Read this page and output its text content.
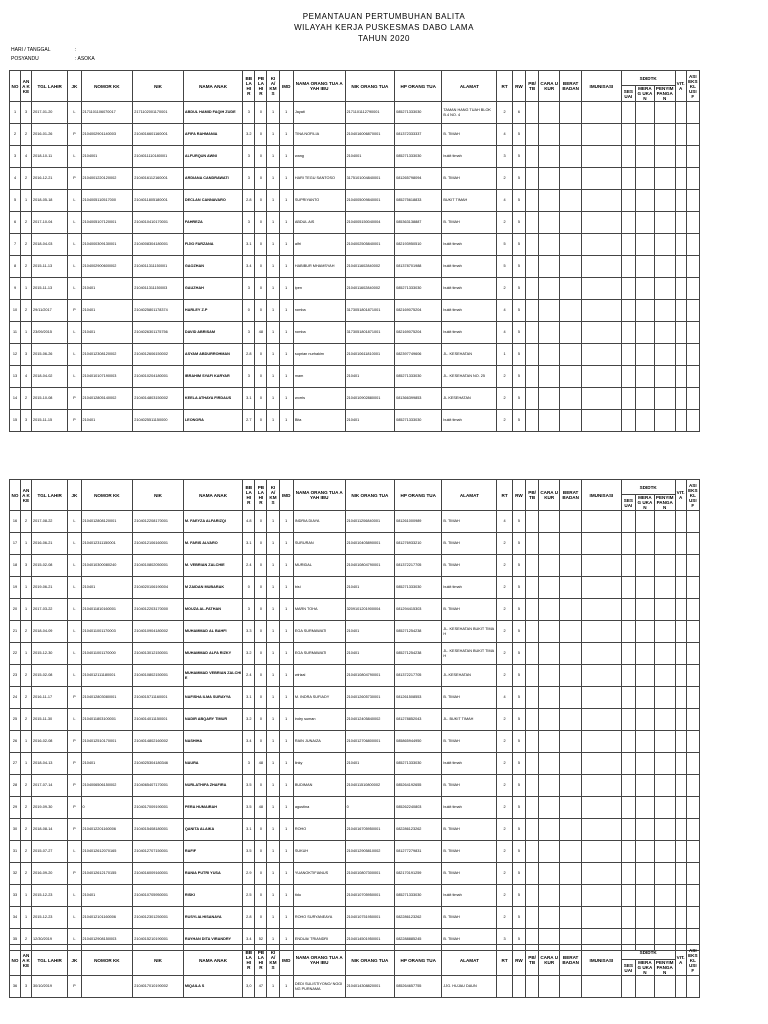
PEMANTAUAN PERTUMBUHAN BALITA
WILAYAH KERJA PUSKESMAS DABO LAMA
TAHUN 2020
HARI / TANGGAL	:
POSYANDU	: ASOKA
NO	ANA K KE	TGL LAHIR	JK	NOMOR KK	NIK	NAMA ANAK	BB LAHI R	PB LAHI R	KIA/ KM S	IMD	NAMA ORANG TUA AYAH IBU	NIK ORANG TUA	HP ORANG TUA	ALAMAT	RT	RW	PB/TB	CARA UKUR	BERAT BADAN	IMUNISASI	SDIDTK			VIT. A	ASI EKSKL USIF
																					SES UAI	MERAG UKAN	PENYIM PANGAN		
1	3	2017-01-20	L	2171101106070017	2171102001170001	ABDUL HAMID FAQIH ZUDE	3	0	1	1	Jayati	2171101112790001	085271333030	TAMAN HANG TUAH BLOK B.4 NO. 4	2	6									
2	2	2016-01-26	P	2104002901140003	2104016601160001	AFIFA RAHMANIA	3.2	0	1	1	TINA NOFILIA	2104016006870001	081372333337	B. TIMAH	4	5									
3	4	2018-10-11	L	2104001	2104011110180001	ALFURQUN AWNI	3	0	1	1	wang	2104001	085271333030	bukit timah	3	5									
4	2	2016-12-21	P	2104001220120002	2104016112160001	ARDIANA CANDRAWATI	3	0	1	1	HARI TEGU SANTOSO	3175101004840001	081265798094	B. TIMAH	2	5									
5	1	2018-05-18	L	2104005110517000	2104011805180001	DECLAN CANNAVARO	2.8	0	1	1	SUPRIYANTO	2104005009840001	085275618833	BUKIT TIMAH	4	5									
6	2	2017-10-04	L	2104005107120001	2104010410170001	FAHREZA	3	0	1	1	ABDUL AIS	2104005150040004	085363138887	B. TIMAH	2	5									
7	2	2018-04-03	L	2104000309130001	2104008304180001	FIJIO FARZANA	3.1	0	1	1	alfri	2104002505840001	082193950510	bukit timah	5	5									
8	2	2015-11-13	L	2104002900600002	2104011311150001	GAOZHAN	3.4	0	1	1	HABIBUR MHAMSYAH	2104011602840002	081378701988	bukit timah	5	5									
9	1	2015-11-13	L	210401	2104011311150003	GAUZHAH	3	0	1	1	ipen	2104011602840002	085271333030	bukit timah	2	5									
10	2	29/11/2017	P	210401	2104025801178374	HARLEY Z.P	0	0	1	1	romba	3173051801871001	082169075204	bukit timah	4	5									
11	1	23/09/2015	L	210401	2104026301175756	DAVID ABRISAM	3	48	1	1	romba	3173051801871001	082169075204	bukit timah	4	5									
12	3	2015-06-26	L	2104012308120002	2104012606150002	ASYAM ABDURROHMAN	2.8	0	1	1	suprian nurhakim	2104010611810001	082397749606	JL. KESEHATAN	1	5									
13	4	2018-04-02	L	2104010107190003	2104010204180001	IBRAHIM SYAFI KARYAR	3	0	1	1	mam	210401	085271333030	JL. KESEHATAN NO. 25	2	5									
14	2	2015-10-08	P	2104012805140002	2104014803150002	KEELA ATHAYA FIRDAUS	3.1	0	1	1	worris	2104010902880001	081366399853	JL KESEHATAN	2	5									
15	3	2015-11-15	P	210401	2104025511150000	LEONORA	2.7	0	1	1	Bita	210401	085271333030	bukit timah	2	5									
NO	ANA K KE	TGL LAHIR	JK	NOMOR KK	NIK	NAMA ANAK	BB LAHI R	PB LAHI R	KIA/ KM S	IMD	NAMA ORANG TUA AYAH IBU	NIK ORANG TUA	HP ORANG TUA	ALAMAT	RT	RW	PB/TB	CARA UKUR	BERAT BADAN	IMUNISASI	SDIDTK			VIT. A	ASI EKSKL USIF
																					SES UAI	MERAG UKAN	PENYIM PANGAN		
16	2	2017-08-22	L	2104012808120001	2104012208170001	M. FAEYZA ALFARIZQI	4.8	0	1	1	INDRIA DIAYA	2104011206840001	081261000989	B. TIMAH	4	5									
17	1	2016-06-21	L	2104012311150001	2104012106160001	M. FARIS ALVARO	3.1	0	1	1	SURURAN	2104010405890001	081276933210	B. TIMAH	2	5									
18	3	2015-02-08	L	2104010300080240	2104010802050001	M. VEBRIAN ZALCHIE	2.4	0	1	1	MURIDAL	2104010804790001	081372217705	B. TIMAH	2	5									
19	1	2019-06-21	L	210401	2104020106190004	M ZAIDAN MUBARAK	0	0	1	1	bisi	210401	085271333030	bukit timah	2	5									
20	1	2017-03-22	L	2104011810160001	2104012203170000	MOUZA AL-FATHAN	3	0	1	1	MARN TOHA	3209101201900004	081294415303	B. TIMAH	2	5									
21	2	2018-04-09	L	2104011001170003	2104010904180002	MUHAMMAD AL BAHFI	3.3	0	1	1	EGA SURMAWATI	210401	085271254238	JL. KESEHATAN BUKIT TIMAH	2	5									
22	1	2015-12-30	L	2104011001170000	2104013012150001	MUHAMMAD ALFA RIZKY	3.2	0	1	1	EGA SURMAWATI	210401	085271254238	JL. KESEHATAN BUKIT TIMAH	2	5									
23	2	2015-02-08	L	2104012111180001	2104010802150001	MUHAMMAD VEBRIAN ZALCHIE	2.4	0	1	1	wirizal	2104010804790001	081372217705	JL.KESEHATAN	2	5									
24	2	2016-11-17	P	2104012803080001	2104015711160001	NAFISHA ILMA SURAYYA	3.1	0	1	1	M. INDRA SUFIADY	2104012605730001	081261508553	B. TIMAH	4	5									
25	2	2015-11-30	L	2104011803100001	2104014011150001	NADIR ABQARY TIMUR	3.2	0	1	1	indry suman	2104012405840002	081278852043	JL. BUKIT TIMAH	2	5									
26	1	2016-02-08	P	2104012510170001	2104014802160002	NASHIHA	3.4	0	1	1	RAIN JUNAIZA	2104012706800001	085865944950	B. TIMAH	2	5									
27	1	2018-04-13	P	210401	2104025304180346	NAURA	3	48	1	1	linky	210401	085271333030	bukit timah	2	5									
28	2	2017-07-14	P	2104006506150002	2104065407170001	NURLATHIFA ZHAFIRA	3.5	0	1	1	BUDIMAN	2104011510800002	085264192655	B. TIMAH	2	5									
29	2	2019-09-30	P	0	2104017009190001	PERA HUMAIRAH	3.5	48	1	1	agustina	0	085262240803	bukit timah	2	5									
30	2	2018-08-14	P	2104012201160006	2104015408180001	QANITA ALAIKA	3.1	0	1	1	ROHO	2104016705950001	082286123262	B. TIMAH	2	5									
31	2	2015-07-27	L	2104012612070165	2104012707150001	RAFIF	3.5	0	1	1	SUKUH	2104012905810002	081277279831	B. TIMAH	2	5									
32	2	2016-09-20	P	2104012612170155	2104016009160001	RANIA PUTRI YUSA	2.9	0	1	1	YUANOKTIFIANUS	2104010807300001	082170191259	B. TIMAH	2	5									
33	1	2015-12-23	L	210401	2104010705950001	RISKI	2.5	0	1	1	tidu	2104010705950001	085271333030	bukit timah	2	5									
34	1	2015-12-23	L	2104012101160006	2104012301250001	RUSYLIA HISANAYA	2.8	0	1	1	ROHO SURYANEAYA	2104010751950001	082286123262	B. TIMAH	2	5									
35	2	12/30/2019	L	2104012908150003	2104015210190001	RAYHAN DITA VIRANDRY	3.4	52	1	1	ENDUA/ TRIANDRI	2104014501950001	082288885245	B. TIMAH	3	5									
NO	ANA K KE	TGL LAHIR	JK	NOMOR KK	NIK	NAMA ANAK	BB LAHI R	PB LAHI R	KIA/ KM S	IMD	NAMA ORANG TUA AYAH IBU	NIK ORANG TUA	HP ORANG TUA	ALAMAT	RT	RW	PB/TB	CARA UKUR	BERAT BADAN	IMUNISASI	SDIDTK			VIT. A	ASI EKSKL USIF
																					SES UAI	MERAG UKAN	PENYIM PANGAN		
36	3	30/10/2019	P		2104017010190002	MIQAILA S	3,0	47	1	1	DEDI SULISTIYONO/ NGGING PURNAMA	2104014308820001	085264657755	JJG. HUJAU DAUN											
